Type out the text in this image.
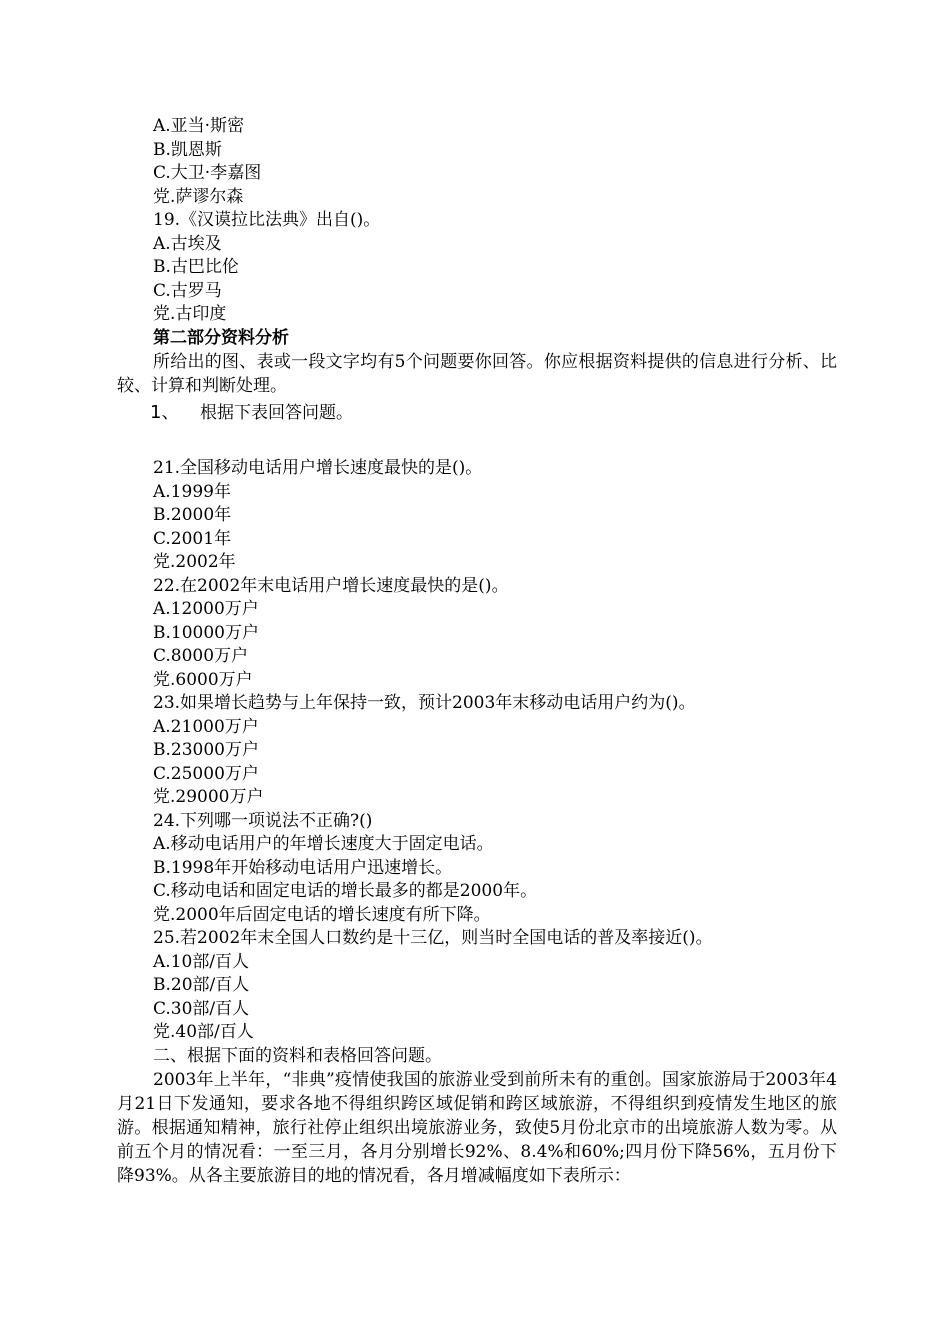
A.亚当·斯密
B.凯恩斯
C.大卫·李嘉图
党.萨谬尔森
19.《汉谟拉比法典》出自()。
A.古埃及
B.古巴比伦
C.古罗马
党.古印度
第二部分资料分析
所给出的图、表或一段文字均有5个问题要你回答。你应根据资料提供的信息进行分析、比较、计算和判断处理。
1、 根据下表回答问题。
21.全国移动电话用户增长速度最快的是()。
A.1999年
B.2000年
C.2001年
党.2002年
22.在2002年末电话用户增长速度最快的是()。
A.12000万户
B.10000万户
C.8000万户
党.6000万户
23.如果增长趋势与上年保持一致，预计2003年末移动电话用户约为()。
A.21000万户
B.23000万户
C.25000万户
党.29000万户
24.下列哪一项说法不正确?()
A.移动电话用户的年增长速度大于固定电话。
B.1998年开始移动电话用户迅速增长。
C.移动电话和固定电话的增长最多的都是2000年。
党.2000年后固定电话的增长速度有所下降。
25.若2002年末全国人口数约是十三亿，则当时全国电话的普及率接近()。
A.10部/百人
B.20部/百人
C.30部/百人
党.40部/百人
二、根据下面的资料和表格回答问题。
2003年上半年，“非典”疫情使我国的旅游业受到前所未有的重创。国家旅游局于2003年4月21日下发通知，要求各地不得组织跨区域促销和跨区域旅游，不得组织到疫情发生地区的旅游。根据通知精神，旅行社停止组织出境旅游业务，致使5月份北京市的出境旅游人数为零。从前五个月的情况看：一至三月，各月分别增长92%、8.4%和60%;四月份下降56%，五月份下降93%。从各主要旅游目的地的情况看，各月增减幅度如下表所示：
